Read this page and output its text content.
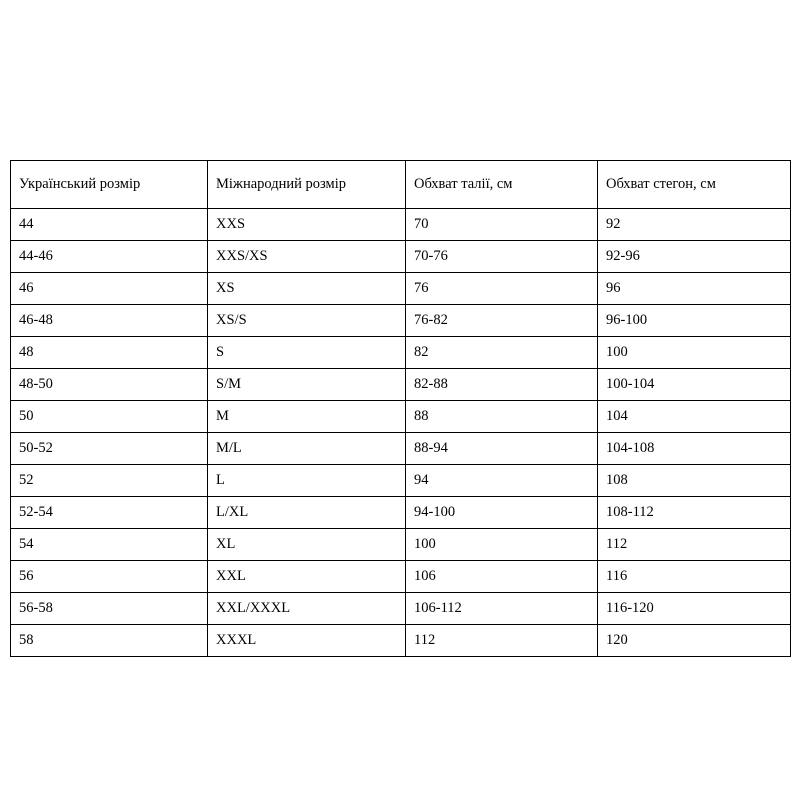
Український розмір	Міжнародний розмір	Обхват талії, см	Обхват стегон, см
44	XXS	70	92
44-46	XXS/XS	70-76	92-96
46	XS	76	96
46-48	XS/S	76-82	96-100
48	S	82	100
48-50	S/M	82-88	100-104
50	M	88	104
50-52	M/L	88-94	104-108
52	L	94	108
52-54	L/XL	94-100	108-112
54	XL	100	112
56	XXL	106	116
56-58	XXL/XXXL	106-112	116-120
58	XXXL	112	120
